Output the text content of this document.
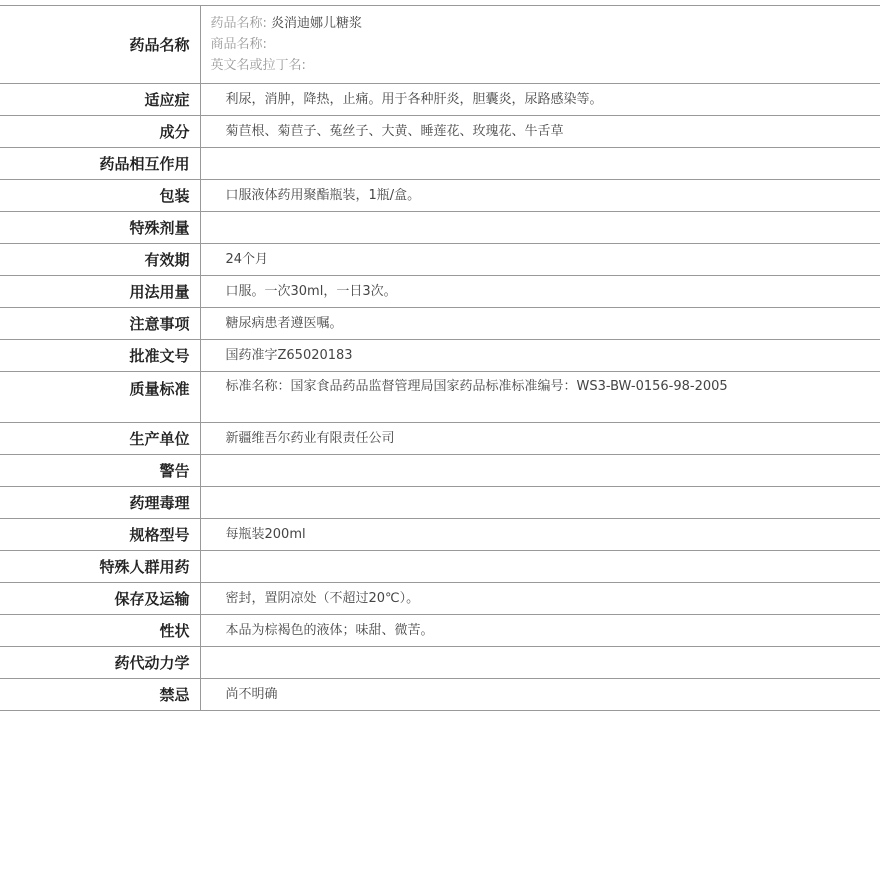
药品名称	药品名称: 炎消迪娜儿糖浆
商品名称:
英文名或拉丁名:

适应症	利尿，消肿，降热，止痛。用于各种肝炎，胆囊炎，尿路感染等。
成分	菊苣根、菊苣子、菟丝子、大黄、睡莲花、玫瑰花、牛舌草
药品相互作用	
包装	口服液体药用聚酯瓶装，1瓶/盒。
特殊剂量	
有效期	24个月
用法用量	口服。一次30ml，一日3次。
注意事项	糖尿病患者遵医嘱。
批准文号	国药准字Z65020183
质量标准	标准名称：国家食品药品监督管理局国家药品标准标准编号：WS3-BW-0156-98-2005

生产单位	新疆维吾尔药业有限责任公司
警告	
药理毒理	
规格型号	每瓶装200ml
特殊人群用药	
保存及运输	密封，置阴凉处（不超过20℃）。
性状	本品为棕褐色的液体；味甜、微苦。
药代动力学	
禁忌	尚不明确
